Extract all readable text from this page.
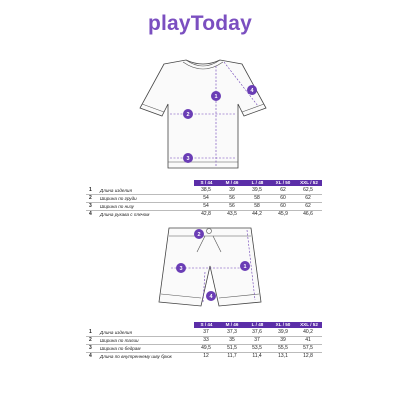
playToday
1
2
3
4
S / 44	M / 46	L / 48	XL / 50	XXL / 52
1 Длина изделия	38,5	39	39,5	62	62,5
2 Ширина по груди	54	56	58	60	62
3 Ширина по низу	54	56	58	60	62
4 Длина рукава с плечом	42,8	43,5	44,2	45,9	46,6
1
2
3
4
S / 44	M / 46	L / 48	XL / 50	XXL / 52
1 Длина изделия	37	37,3	37,6	39,9	40,2
2 Ширина по талии	33	35	37	39	41
3 Ширина по бедрам	49,5	51,5	53,5	55,5	57,5
4 Длина по внутреннему шву брюк	12	11,7	11,4	13,1	12,8
